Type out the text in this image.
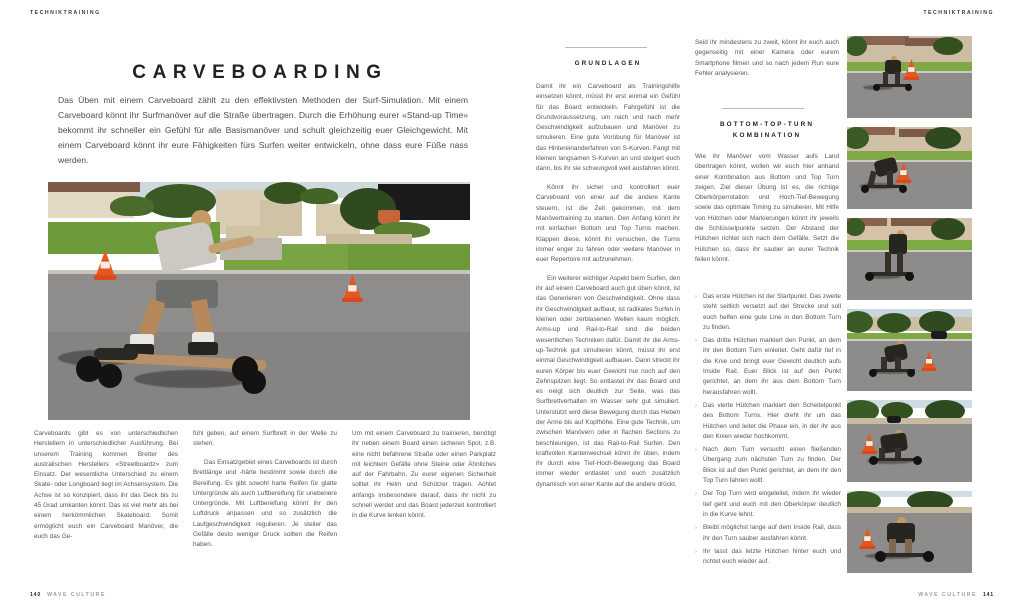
TECHNIKTRAINING	TECHNIKTRAINING
CARVEBOARDING
Das Üben mit einem Carveboard zählt zu den effektivsten Methoden der Surf-Simulation. Mit einem Carveboard könnt ihr Surfmanöver auf die Straße übertragen. Durch die Erhöhung eurer «Stand-up Time» bekommt ihr schneller ein Gefühl für alle Basismanöver und schult gleichzeitig euer Gleichgewicht. Mit einem Carveboard könnt ihr eure Fähigkeiten fürs Surfen weiter entwickeln, ohne dass eure Füße nass werden.

Carveboards gibt es von unterschiedlichen Herstellern in unterschiedlicher Ausführung. Bei unserem Training kommen Bretter des australischen Herstellers «Streetboardz» zum Einsatz. Der wesentliche Unterschied zu einem Skate- oder Longboard liegt im Achsensystem. Die Achse ist so konzipiert, dass ihr das Deck bis zu 45 Grad umkanten könnt. Das ist viel mehr als bei einem herkömmlichen Skateboard. Somit ermöglicht euch ein Carveboard Manöver, die euch das Ge-

fühl geben, auf einem Surfbrett in der Welle zu stehen.

Das Einsatzgebiet eines Carveboards ist durch Brettlänge und -härte bestimmt sowie durch die Bereifung. Es gibt sowohl harte Reifen für glatte Untergründe als auch Luftbereifung für unebenere Untergründe. Mit Luftbereifung könnt ihr den Luftdruck anpassen und so zusätzlich die Laufgeschwindigkeit regulieren. Je steiler das Gefälle desto weniger Druck sollten die Reifen haben.

Um mit einem Carveboard zu trainieren, benötigt ihr neben einem Board einen sicheren Spot, z.B. eine nicht befahrene Straße oder einen Parkplatz mit leichtem Gefälle ohne Steine oder Ähnliches auf der Fahrbahn. Zu eurer eigenen Sicherheit solltet ihr Helm und Schützer tragen. Achtet anfangs insbesondere darauf, dass ihr nicht zu schnell werdet und das Board jederzeit kontrolliert in die Kurve lenken könnt.

GRUNDLAGEN

Damit ihr ein Carveboard als Trainingshilfe einsetzen könnt, müsst ihr erst einmal ein Gefühl für das Board entwickeln. Fahrgefühl ist die Grundvoraussetzung, um nach und nach mehr Geschwindigkeit aufzubauen und Manöver zu simulieren. Eine gute Vorübung für Manöver ist das Hintereinanderfahren von S-Kurven. Fangt mit kleinen langsamen S-Kurven an und steigert euch dann, bis ihr sie schwungvoll weit ausfahren könnt.

Könnt ihr sicher und kontrolliert euer Carveboard von einer auf die andere Kante steuern, ist die Zeit gekommen, mit dem Manövertraining zu starten. Den Anfang könnt ihr mit einfachen Bottom und Top Turns machen. Klappen diese, könnt ihr versuchen, die Turns immer enger zu fahren oder weitere Manöver in euer Repertoire mit aufzunehmen.

Ein weiterer wichtiger Aspekt beim Surfen, den ihr auf einem Carveboard auch gut üben könnt, ist das Generieren von Geschwindigkeit. Ohne dass ihr Geschwindigkeit aufbaut, ist radikales Surfen in kleinen oder zerblasenen Wellen kaum möglich. Arms-up und Rail-to-Rail sind die beiden wesentlichen Techniken dafür. Damit ihr die Arms-up-Technik gut simulieren könnt, müsst ihr erst einmal Geschwindigkeit aufbauen. Dann streckt ihr euren Körper bis euer Gewicht nur noch auf den Zehnspitzen liegt. So entlastet ihr das Board und es neigt sich deutlich zur Seite, was das Surfbrettverhalten im Wasser sehr gut simuliert. Unterstützt wird diese Bewegung durch das Heben der Arme bis auf Kopfhöhe. Eine gute Technik, um zwischen Manövern oder in flachen Sections zu beschleunigen, ist das Rail-to-Rail Surfen. Den kraftvollen Kantenwechsel könnt ihr üben, indem ihr durch eine Tief-Hoch-Bewegung das Board immer wieder entlastet und euch zusätzlich dynamisch von einer Kante auf die andere drückt.

Seid ihr mindestens zu zweit, könnt ihr euch auch gegenseitig mit einer Kamera oder eurem Smartphone filmen und so nach jedem Run eure Fehler analysieren.

BOTTOM-TOP-TURN KOMBINATION

Wie ihr Manöver vom Wasser aufs Land übertragen könnt, wollen wir euch hier anhand einer Kombination aus Bottom und Top Turn zeigen. Ziel dieser Übung ist es, die richtige Oberkörperrotation und Hoch-Tief-Bewegung sowie das optimale Timing zu simulieren. Mit Hilfe von Hütchen oder Markierungen könnt ihr jeweils die Schlüsselpunkte setzen. Der Abstand der Hütchen richtet sich nach dem Gefälle. Setzt die Hütchen so, dass ihr sauber an eurer Technik feilen könnt.

› Das erste Hütchen ist der Startpunkt. Das zweite steht seitlich versetzt auf der Strecke und soll euch helfen eine gute Line in den Bottom Turn zu finden.
› Das dritte Hütchen markiert den Punkt, an dem ihr den Bottom Turn einleitet. Geht dafür tief in die Knie und bringt euer Gewicht deutlich aufs Inside Rail. Euer Blick ist auf den Punkt gerichtet, an dem ihr aus dem Bottom Turn herausfahren wollt.
› Das vierte Hütchen markiert den Scheitelpunkt des Bottom Turns. Hier dreht ihr um das Hütchen und leitet die Phase ein, in der ihr aus den Knien wieder hochkommt.
› Nach dem Turn versucht einen fließenden Übergang zum nächsten Turn zu finden. Der Blick ist auf den Punkt gerichtet, an dem ihr den Top Turn fahren wollt.
› Der Top Turn wird eingeleitet, indem ihr wieder tief geht und euch mit den Oberkörper deutlich in die Kurve lehnt.
› Bleibt möglichst lange auf dem Inside Rail, dass ihr den Turn sauber ausfahren könnt.
› Ihr lasst das letzte Hütchen hinter euch und richtet euch wieder auf.
140 WAVE CULTURE	WAVE CULTURE 141
